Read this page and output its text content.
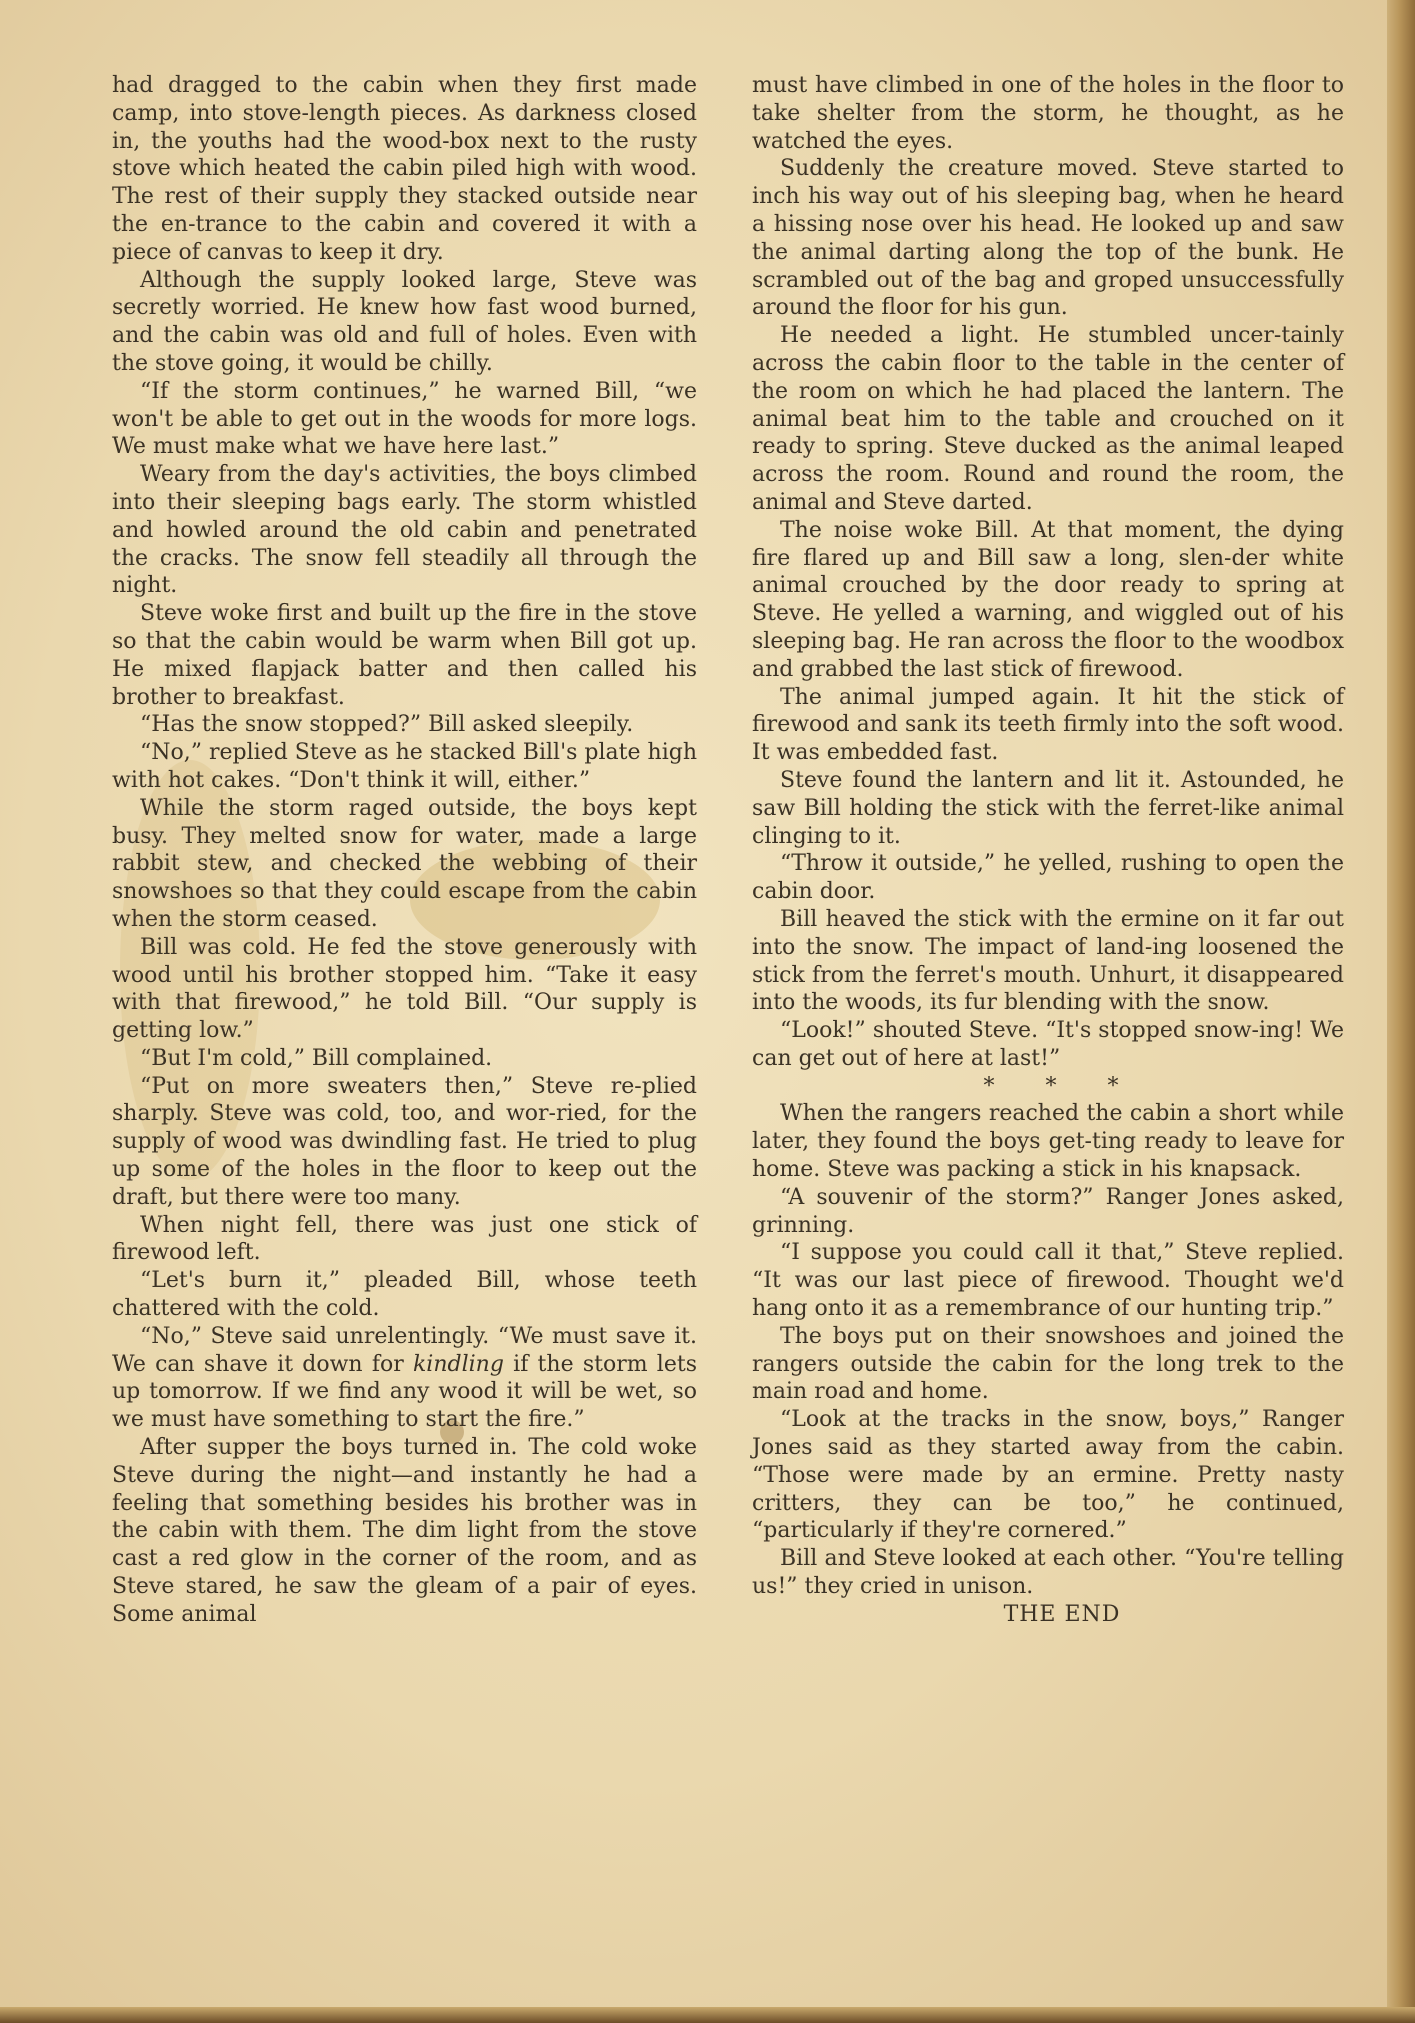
had dragged to the cabin when they first made camp, into stove-length pieces. As darkness closed in, the youths had the wood-box next to the rusty stove which heated the cabin piled high with wood. The rest of their supply they stacked outside near the en-trance to the cabin and covered it with a piece of canvas to keep it dry.

Although the supply looked large, Steve was secretly worried. He knew how fast wood burned, and the cabin was old and full of holes. Even with the stove going, it would be chilly.

“If the storm continues,” he warned Bill, “we won't be able to get out in the woods for more logs. We must make what we have here last.”

Weary from the day's activities, the boys climbed into their sleeping bags early. The storm whistled and howled around the old cabin and penetrated the cracks. The snow fell steadily all through the night.

Steve woke first and built up the fire in the stove so that the cabin would be warm when Bill got up. He mixed flapjack batter and then called his brother to breakfast.

“Has the snow stopped?” Bill asked sleepily.

“No,” replied Steve as he stacked Bill's plate high with hot cakes. “Don't think it will, either.”

While the storm raged outside, the boys kept busy. They melted snow for water, made a large rabbit stew, and checked the webbing of their snowshoes so that they could escape from the cabin when the storm ceased.

Bill was cold. He fed the stove generously with wood until his brother stopped him. “Take it easy with that firewood,” he told Bill. “Our supply is getting low.”

“But I'm cold,” Bill complained.

“Put on more sweaters then,” Steve re-plied sharply. Steve was cold, too, and wor-ried, for the supply of wood was dwindling fast. He tried to plug up some of the holes in the floor to keep out the draft, but there were too many.

When night fell, there was just one stick of firewood left.

“Let's burn it,” pleaded Bill, whose teeth chattered with the cold.

“No,” Steve said unrelentingly. “We must save it. We can shave it down for kindling if the storm lets up tomorrow. If we find any wood it will be wet, so we must have something to start the fire.”

After supper the boys turned in. The cold woke Steve during the night—and instantly he had a feeling that something besides his brother was in the cabin with them. The dim light from the stove cast a red glow in the corner of the room, and as Steve stared, he saw the gleam of a pair of eyes. Some animal

must have climbed in one of the holes in the floor to take shelter from the storm, he thought, as he watched the eyes.

Suddenly the creature moved. Steve started to inch his way out of his sleeping bag, when he heard a hissing nose over his head. He looked up and saw the animal darting along the top of the bunk. He scrambled out of the bag and groped unsuccessfully around the floor for his gun.

He needed a light. He stumbled uncer-tainly across the cabin floor to the table in the center of the room on which he had placed the lantern. The animal beat him to the table and crouched on it ready to spring. Steve ducked as the animal leaped across the room. Round and round the room, the animal and Steve darted.

The noise woke Bill. At that moment, the dying fire flared up and Bill saw a long, slen-der white animal crouched by the door ready to spring at Steve. He yelled a warning, and wiggled out of his sleeping bag. He ran across the floor to the woodbox and grabbed the last stick of firewood.

The animal jumped again. It hit the stick of firewood and sank its teeth firmly into the soft wood. It was embedded fast.

Steve found the lantern and lit it. Astounded, he saw Bill holding the stick with the ferret-like animal clinging to it.

“Throw it outside,” he yelled, rushing to open the cabin door.

Bill heaved the stick with the ermine on it far out into the snow. The impact of land-ing loosened the stick from the ferret's mouth. Unhurt, it disappeared into the woods, its fur blending with the snow.

“Look!” shouted Steve. “It's stopped snow-ing! We can get out of here at last!”

* * *

When the rangers reached the cabin a short while later, they found the boys get-ting ready to leave for home. Steve was packing a stick in his knapsack.

“A souvenir of the storm?” Ranger Jones asked, grinning.

“I suppose you could call it that,” Steve replied. “It was our last piece of firewood. Thought we'd hang onto it as a remembrance of our hunting trip.”

The boys put on their snowshoes and joined the rangers outside the cabin for the long trek to the main road and home.

“Look at the tracks in the snow, boys,” Ranger Jones said as they started away from the cabin. “Those were made by an ermine. Pretty nasty critters, they can be too,” he continued, “particularly if they're cornered.”

Bill and Steve looked at each other. “You're telling us!” they cried in unison.

THE END
